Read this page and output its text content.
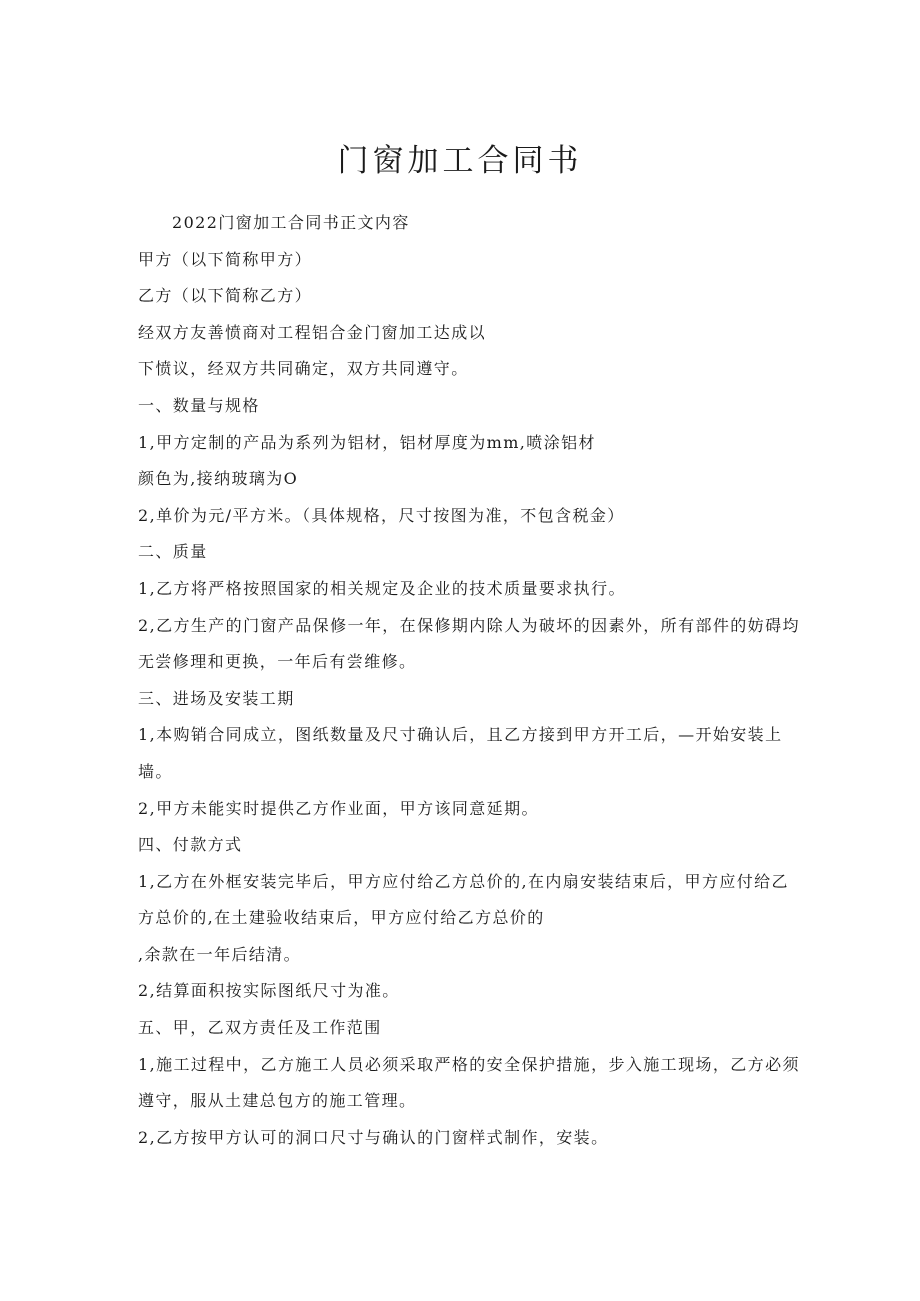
门窗加工合同书
2022门窗加工合同书正文内容
甲方（以下简称甲方）
乙方（以下简称乙方）
经双方友善愤商对工程铝合金门窗加工达成以
下愤议，经双方共同确定，双方共同遵守。
一、数量与规格
1,甲方定制的产品为系列为铝材，铝材厚度为mm,喷涂铝材
颜色为,接纳玻璃为O
2,单价为元/平方米。（具体规格，尺寸按图为准，不包含税金）
二、质量
1,乙方将严格按照国家的相关规定及企业的技术质量要求执行。
2,乙方生产的门窗产品保修一年，在保修期内除人为破坏的因素外，所有部件的妨碍均
无尝修理和更换，一年后有尝维修。
三、进场及安装工期
1,本购销合同成立，图纸数量及尺寸确认后，且乙方接到甲方开工后，—开始安装上
墙。
2,甲方未能实时提供乙方作业面，甲方该同意延期。
四、付款方式
1,乙方在外框安装完毕后，甲方应付给乙方总价的,在内扇安装结束后，甲方应付给乙
方总价的,在土建验收结束后，甲方应付给乙方总价的
,余款在一年后结清。
2,结算面积按实际图纸尺寸为准。
五、甲，乙双方责任及工作范围
1,施工过程中，乙方施工人员必须采取严格的安全保护措施，步入施工现场，乙方必须
遵守，服从土建总包方的施工管理。
2,乙方按甲方认可的洞口尺寸与确认的门窗样式制作，安装。
